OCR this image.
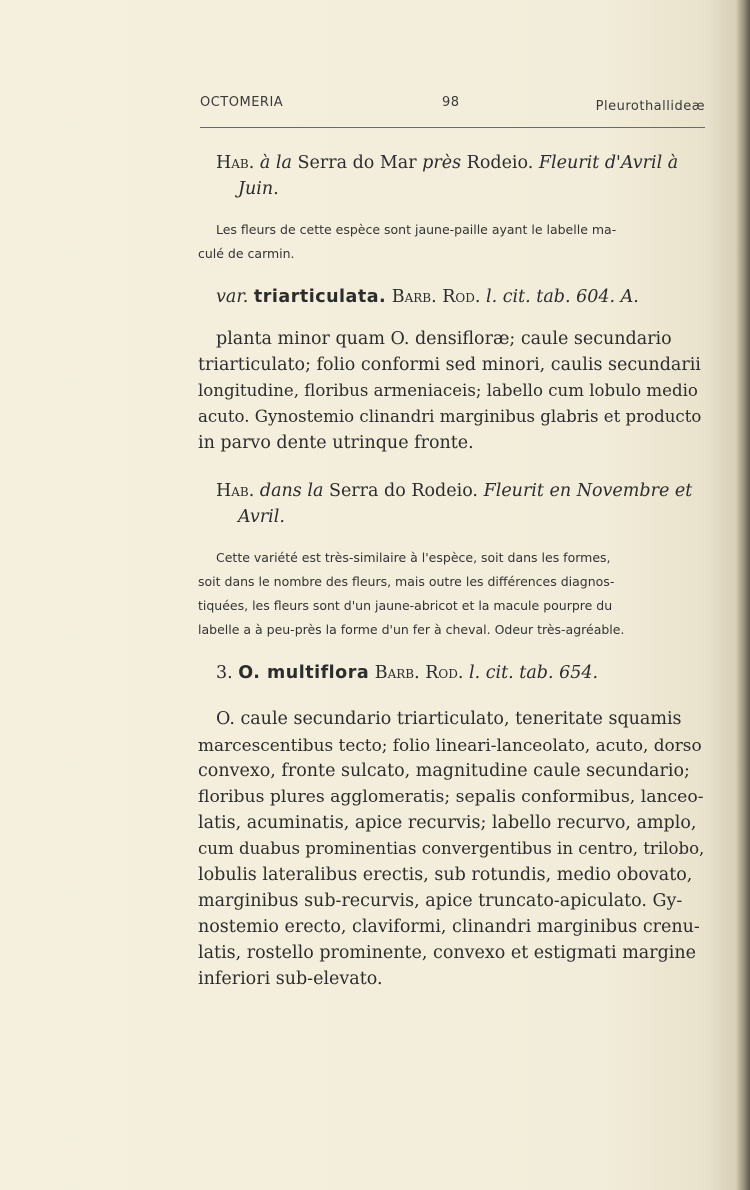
OCTOMERIA	98	Pleurothallideæ

Hab. à la Serra do Mar près Rodeio. Fleurit d'Avril à

Juin.

Les fleurs de cette espèce sont jaune-paille ayant le labelle ma-

culé de carmin.

var. triarticulata. Barb. Rod. l. cit. tab. 604. A.

planta minor quam O. densifloræ; caule secundario

triarticulato; folio conformi sed minori, caulis secundarii

longitudine, floribus armeniaceis; labello cum lobulo medio

acuto. Gynostemio clinandri marginibus glabris et producto

in parvo dente utrinque fronte.

Hab. dans la Serra do Rodeio. Fleurit en Novembre et

Avril.

Cette variété est très-similaire à l'espèce, soit dans les formes,

soit dans le nombre des fleurs, mais outre les différences diagnos-

tiquées, les fleurs sont d'un jaune-abricot et la macule pourpre du

labelle a à peu-près la forme d'un fer à cheval. Odeur très-agréable.

3. O. multiflora Barb. Rod. l. cit. tab. 654.

O. caule secundario triarticulato, teneritate squamis

marcescentibus tecto; folio lineari-lanceolato, acuto, dorso

convexo, fronte sulcato, magnitudine caule secundario;

floribus plures agglomeratis; sepalis conformibus, lanceo-

latis, acuminatis, apice recurvis; labello recurvo, amplo,

cum duabus prominentias convergentibus in centro, trilobo,

lobulis lateralibus erectis, sub rotundis, medio obovato,

marginibus sub-recurvis, apice truncato-apiculato. Gy-

nostemio erecto, claviformi, clinandri marginibus crenu-

latis, rostello prominente, convexo et estigmati margine

inferiori sub-elevato.
